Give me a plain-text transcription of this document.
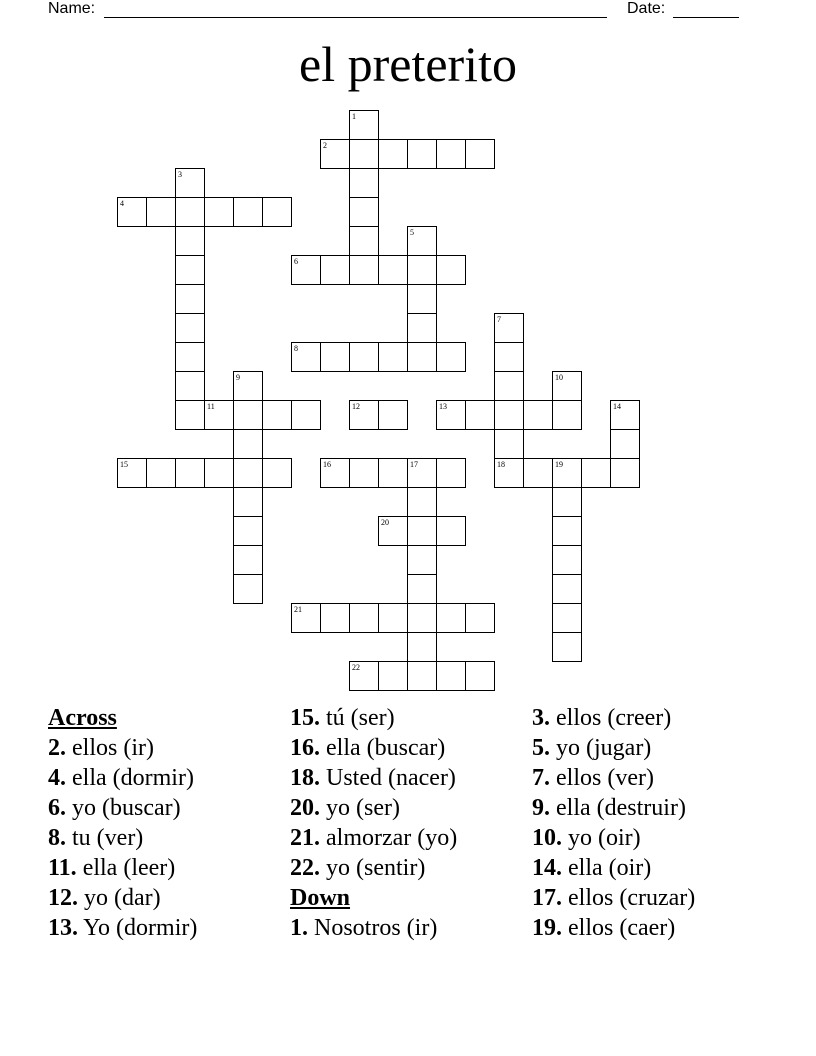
Name:	Date:
el preterito
1
2
3
4
5
6
7
8
9	10
11	12	13	14
15	16	17	18	19
20
21
22
Across
2. ellos (ir)
4. ella (dormir)
6. yo (buscar)
8. tu (ver)
11. ella (leer)
12. yo (dar)
13. Yo (dormir)
15. tú (ser)
16. ella (buscar)
18. Usted (nacer)
20. yo (ser)
21. almorzar (yo)
22. yo (sentir)
Down
1. Nosotros (ir)
3. ellos (creer)
5. yo (jugar)
7. ellos (ver)
9. ella (destruir)
10. yo (oir)
14. ella (oir)
17. ellos (cruzar)
19. ellos (caer)
